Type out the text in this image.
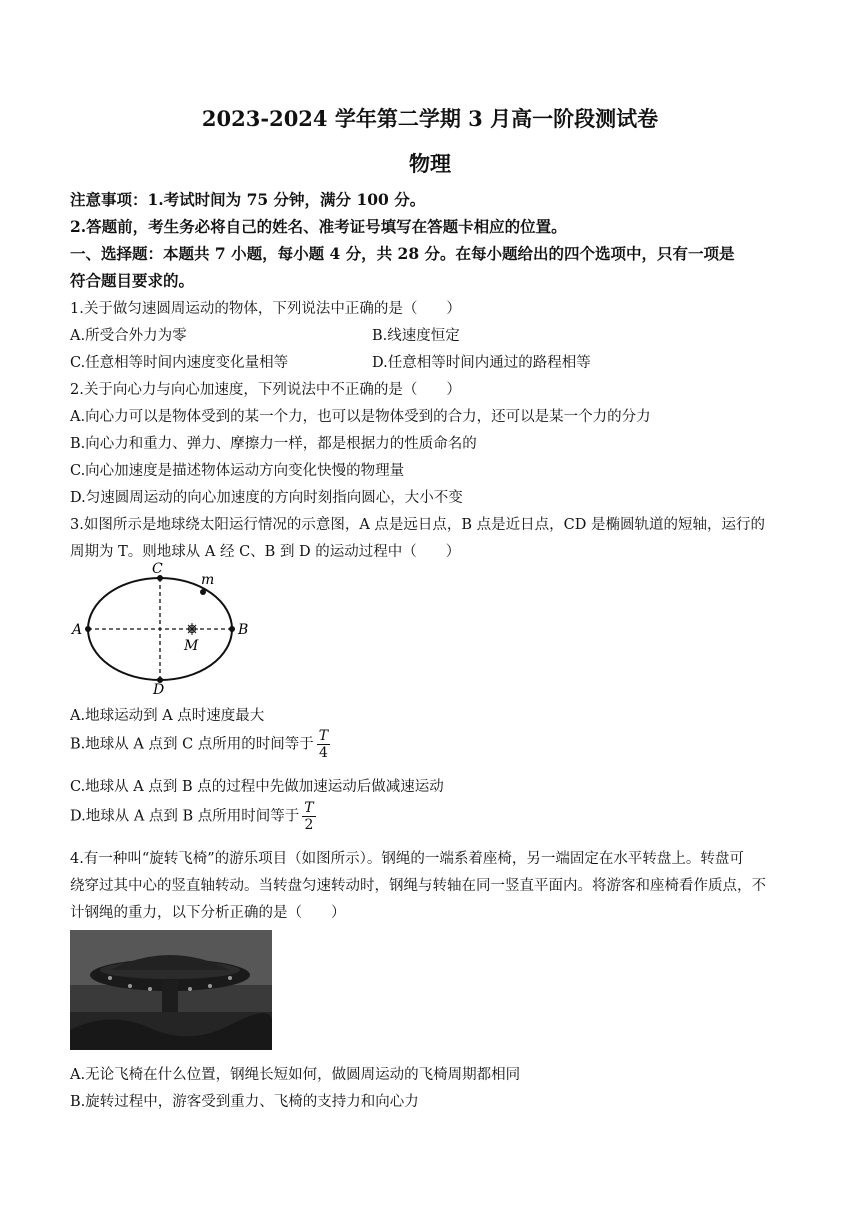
2023-2024 学年第二学期 3 月高一阶段测试卷
物理
注意事项：1.考试时间为 75 分钟，满分 100 分。
2.答题前，考生务必将自己的姓名、准考证号填写在答题卡相应的位置。
一、选择题：本题共 7 小题，每小题 4 分，共 28 分。在每小题给出的四个选项中，只有一项是
符合题目要求的。
1.关于做匀速圆周运动的物体，下列说法中正确的是（　　）
A.所受合外力为零	B.线速度恒定
C.任意相等时间内速度变化量相等	D.任意相等时间内通过的路程相等
2.关于向心力与向心加速度，下列说法中不正确的是（　　）
A.向心力可以是物体受到的某一个力，也可以是物体受到的合力，还可以是某一个力的分力
B.向心力和重力、弹力、摩擦力一样，都是根据力的性质命名的
C.向心加速度是描述物体运动方向变化快慢的物理量
D.匀速圆周运动的向心加速度的方向时刻指向圆心，大小不变
3.如图所示是地球绕太阳运行情况的示意图，A 点是远日点，B 点是近日点，CD 是椭圆轨道的短轴，运行的
周期为 T。则地球从 A 经 C、B 到 D 的运动过程中（　　）
A	B
C
D
m
M
A.地球运动到 A 点时速度最大
B.地球从 A 点到 C 点所用的时间等于 $\frac{T}{4}$
C.地球从 A 点到 B 点的过程中先做加速运动后做减速运动
D.地球从 A 点到 B 点所用时间等于 $\frac{T}{2}$
4.有一种叫“旋转飞椅”的游乐项目（如图所示）。钢绳的一端系着座椅，另一端固定在水平转盘上。转盘可
绕穿过其中心的竖直轴转动。当转盘匀速转动时，钢绳与转轴在同一竖直平面内。将游客和座椅看作质点，不
计钢绳的重力，以下分析正确的是（　　）
A.无论飞椅在什么位置，钢绳长短如何，做圆周运动的飞椅周期都相同
B.旋转过程中，游客受到重力、飞椅的支持力和向心力
